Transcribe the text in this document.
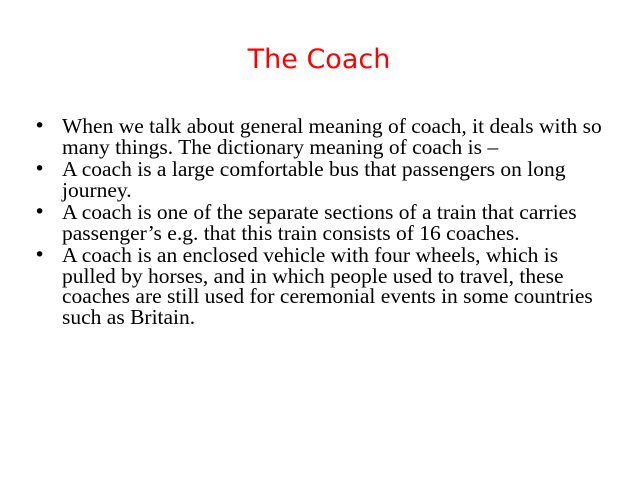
The Coach
• When we talk about general meaning of coach, it deals with so many things. The dictionary meaning of coach is –
• A coach is a large comfortable bus that passengers on long journey.
• A coach is one of the separate sections of a train that carries passenger’s e.g. that this train consists of 16 coaches.
• A coach is an enclosed vehicle with four wheels, which is pulled by horses, and in which people used to travel, these coaches are still used for ceremonial events in some countries such as Britain.
